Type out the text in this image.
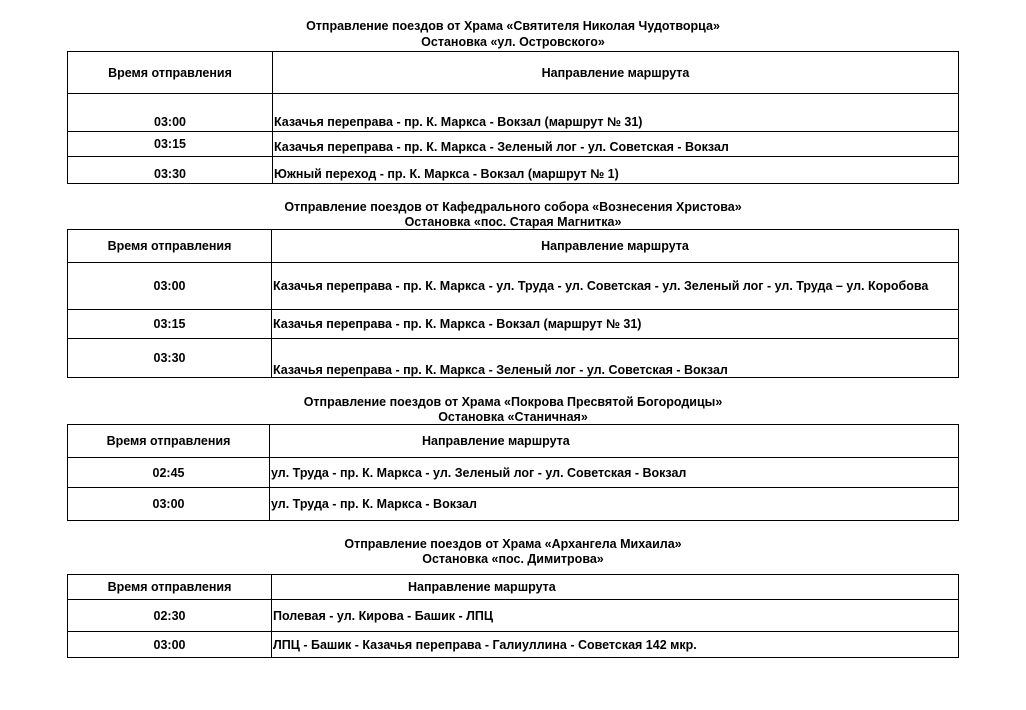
Отправление поездов от Храма «Святителя Николая Чудотворца»
Остановка «ул. Островского»
Время отправления	Направление маршрута
03:00	Казачья переправа - пр. К. Маркса - Вокзал (маршрут № 31)
03:15	Казачья переправа - пр. К. Маркса - Зеленый лог - ул. Советская - Вокзал
03:30	Южный переход - пр. К. Маркса - Вокзал (маршрут № 1)
Отправление поездов от Кафедрального собора «Вознесения Христова»
Остановка «пос. Старая Магнитка»
Время отправления	Направление маршрута
03:00	Казачья переправа - пр. К. Маркса - ул. Труда - ул. Советская - ул. Зеленый лог - ул. Труда – ул. Коробова
03:15	Казачья переправа - пр. К. Маркса - Вокзал (маршрут № 31)
03:30	Казачья переправа - пр. К. Маркса - Зеленый лог - ул. Советская - Вокзал
Отправление поездов от Храма «Покрова Пресвятой Богородицы»
Остановка «Станичная»
Время отправления	Направление маршрута
02:45	ул. Труда - пр. К. Маркса - ул. Зеленый лог - ул. Советская - Вокзал
03:00	ул. Труда - пр. К. Маркса - Вокзал
Отправление поездов от Храма «Архангела Михаила»
Остановка «пос. Димитрова»
Время отправления	Направление маршрута
02:30	Полевая - ул. Кирова - Башик - ЛПЦ
03:00	ЛПЦ - Башик - Казачья переправа - Галиуллина - Советская 142 мкр.
